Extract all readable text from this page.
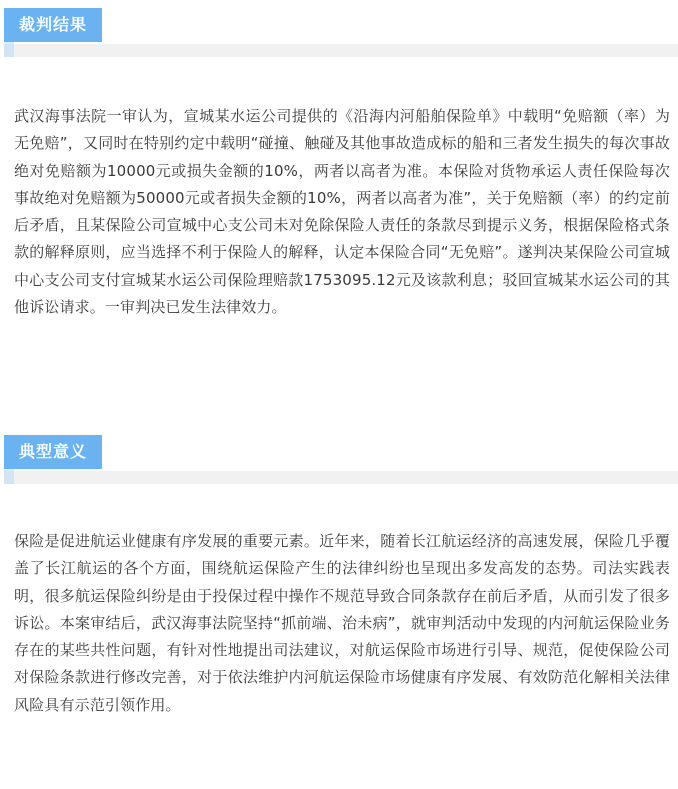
裁判结果

武汉海事法院一审认为，宣城某水运公司提供的《沿海内河船舶保险单》中载明“免赔额（率）为无免赔”，又同时在特别约定中载明“碰撞、触碰及其他事故造成标的船和三者发生损失的每次事故绝对免赔额为10000元或损失金额的10%，两者以高者为准。本保险对货物承运人责任保险每次事故绝对免赔额为50000元或者损失金额的10%，两者以高者为准”，关于免赔额（率）的约定前后矛盾，且某保险公司宣城中心支公司未对免除保险人责任的条款尽到提示义务，根据保险格式条款的解释原则，应当选择不利于保险人的解释，认定本保险合同“无免赔”。遂判决某保险公司宣城中心支公司支付宣城某水运公司保险理赔款1753095.12元及该款利息；驳回宣城某水运公司的其他诉讼请求。一审判决已发生法律效力。

典型意义

保险是促进航运业健康有序发展的重要元素。近年来，随着长江航运经济的高速发展，保险几乎覆盖了长江航运的各个方面，围绕航运保险产生的法律纠纷也呈现出多发高发的态势。司法实践表明，很多航运保险纠纷是由于投保过程中操作不规范导致合同条款存在前后矛盾，从而引发了很多诉讼。本案审结后，武汉海事法院坚持“抓前端、治未病”，就审判活动中发现的内河航运保险业务存在的某些共性问题，有针对性地提出司法建议，对航运保险市场进行引导、规范，促使保险公司对保险条款进行修改完善，对于依法维护内河航运保险市场健康有序发展、有效防范化解相关法律风险具有示范引领作用。
